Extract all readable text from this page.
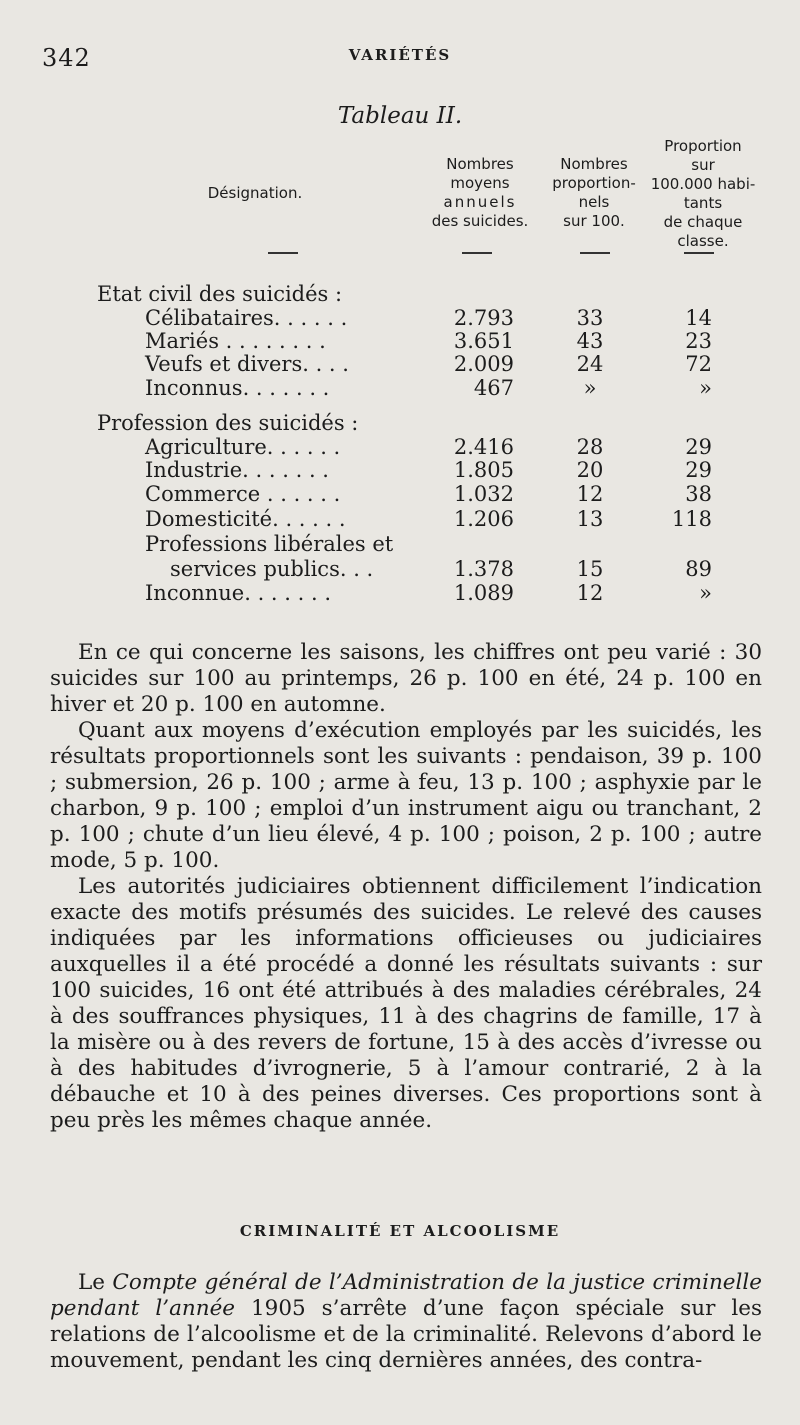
342	VARIÉTÉS
Tableau II.
Désignation.
Nombres
moyens
annuels
des suicides.
Nombres
proportion-
nels
sur 100.
Proportion
sur
100.000 habi-
tants
de chaque
classe.
Etat civil des suicidés :
Célibataires. . . . . .	2.793	33	14
Mariés . . . . . . . .	3.651	43	23
Veufs et divers. . . .	2.009	24	72
Inconnus. . . . . . .	467	»	»
Profession des suicidés :
Agriculture. . . . . .	2.416	28	29
Industrie. . . . . . .	1.805	20	29
Commerce . . . . . .	1.032	12	38
Domesticité. . . . . .	1.206	13	118
Professions libérales et
services publics. . .	1.378	15	89
Inconnue. . . . . . .	1.089	12	»

En ce qui concerne les saisons, les chiffres ont peu varié : 30 suicides sur 100 au printemps, 26 p. 100 en été, 24 p. 100 en hiver et 20 p. 100 en automne.

Quant aux moyens d’exécution employés par les suicidés, les résultats proportionnels sont les suivants : pendaison, 39 p. 100 ; submersion, 26 p. 100 ; arme à feu, 13 p. 100 ; asphyxie par le charbon, 9 p. 100 ; emploi d’un instrument aigu ou tranchant, 2 p. 100 ; chute d’un lieu élevé, 4 p. 100 ; poison, 2 p. 100 ; autre mode, 5 p. 100.

Les autorités judiciaires obtiennent difficilement l’indication exacte des motifs présumés des suicides. Le relevé des causes indiquées par les informations officieuses ou judiciaires auxquelles il a été procédé a donné les résultats suivants : sur 100 suicides, 16 ont été attribués à des maladies cérébrales, 24 à des souffrances physiques, 11 à des chagrins de famille, 17 à la misère ou à des revers de fortune, 15 à des accès d’ivresse ou à des habitudes d’ivrognerie, 5 à l’amour contrarié, 2 à la débauche et 10 à des peines diverses. Ces proportions sont à peu près les mêmes chaque année.

CRIMINALITÉ ET ALCOOLISME

Le Compte général de l’Administration de la justice criminelle pendant l’année 1905 s’arrête d’une façon spéciale sur les relations de l’alcoolisme et de la criminalité. Relevons d’abord le mouvement, pendant les cinq dernières années, des contra-
